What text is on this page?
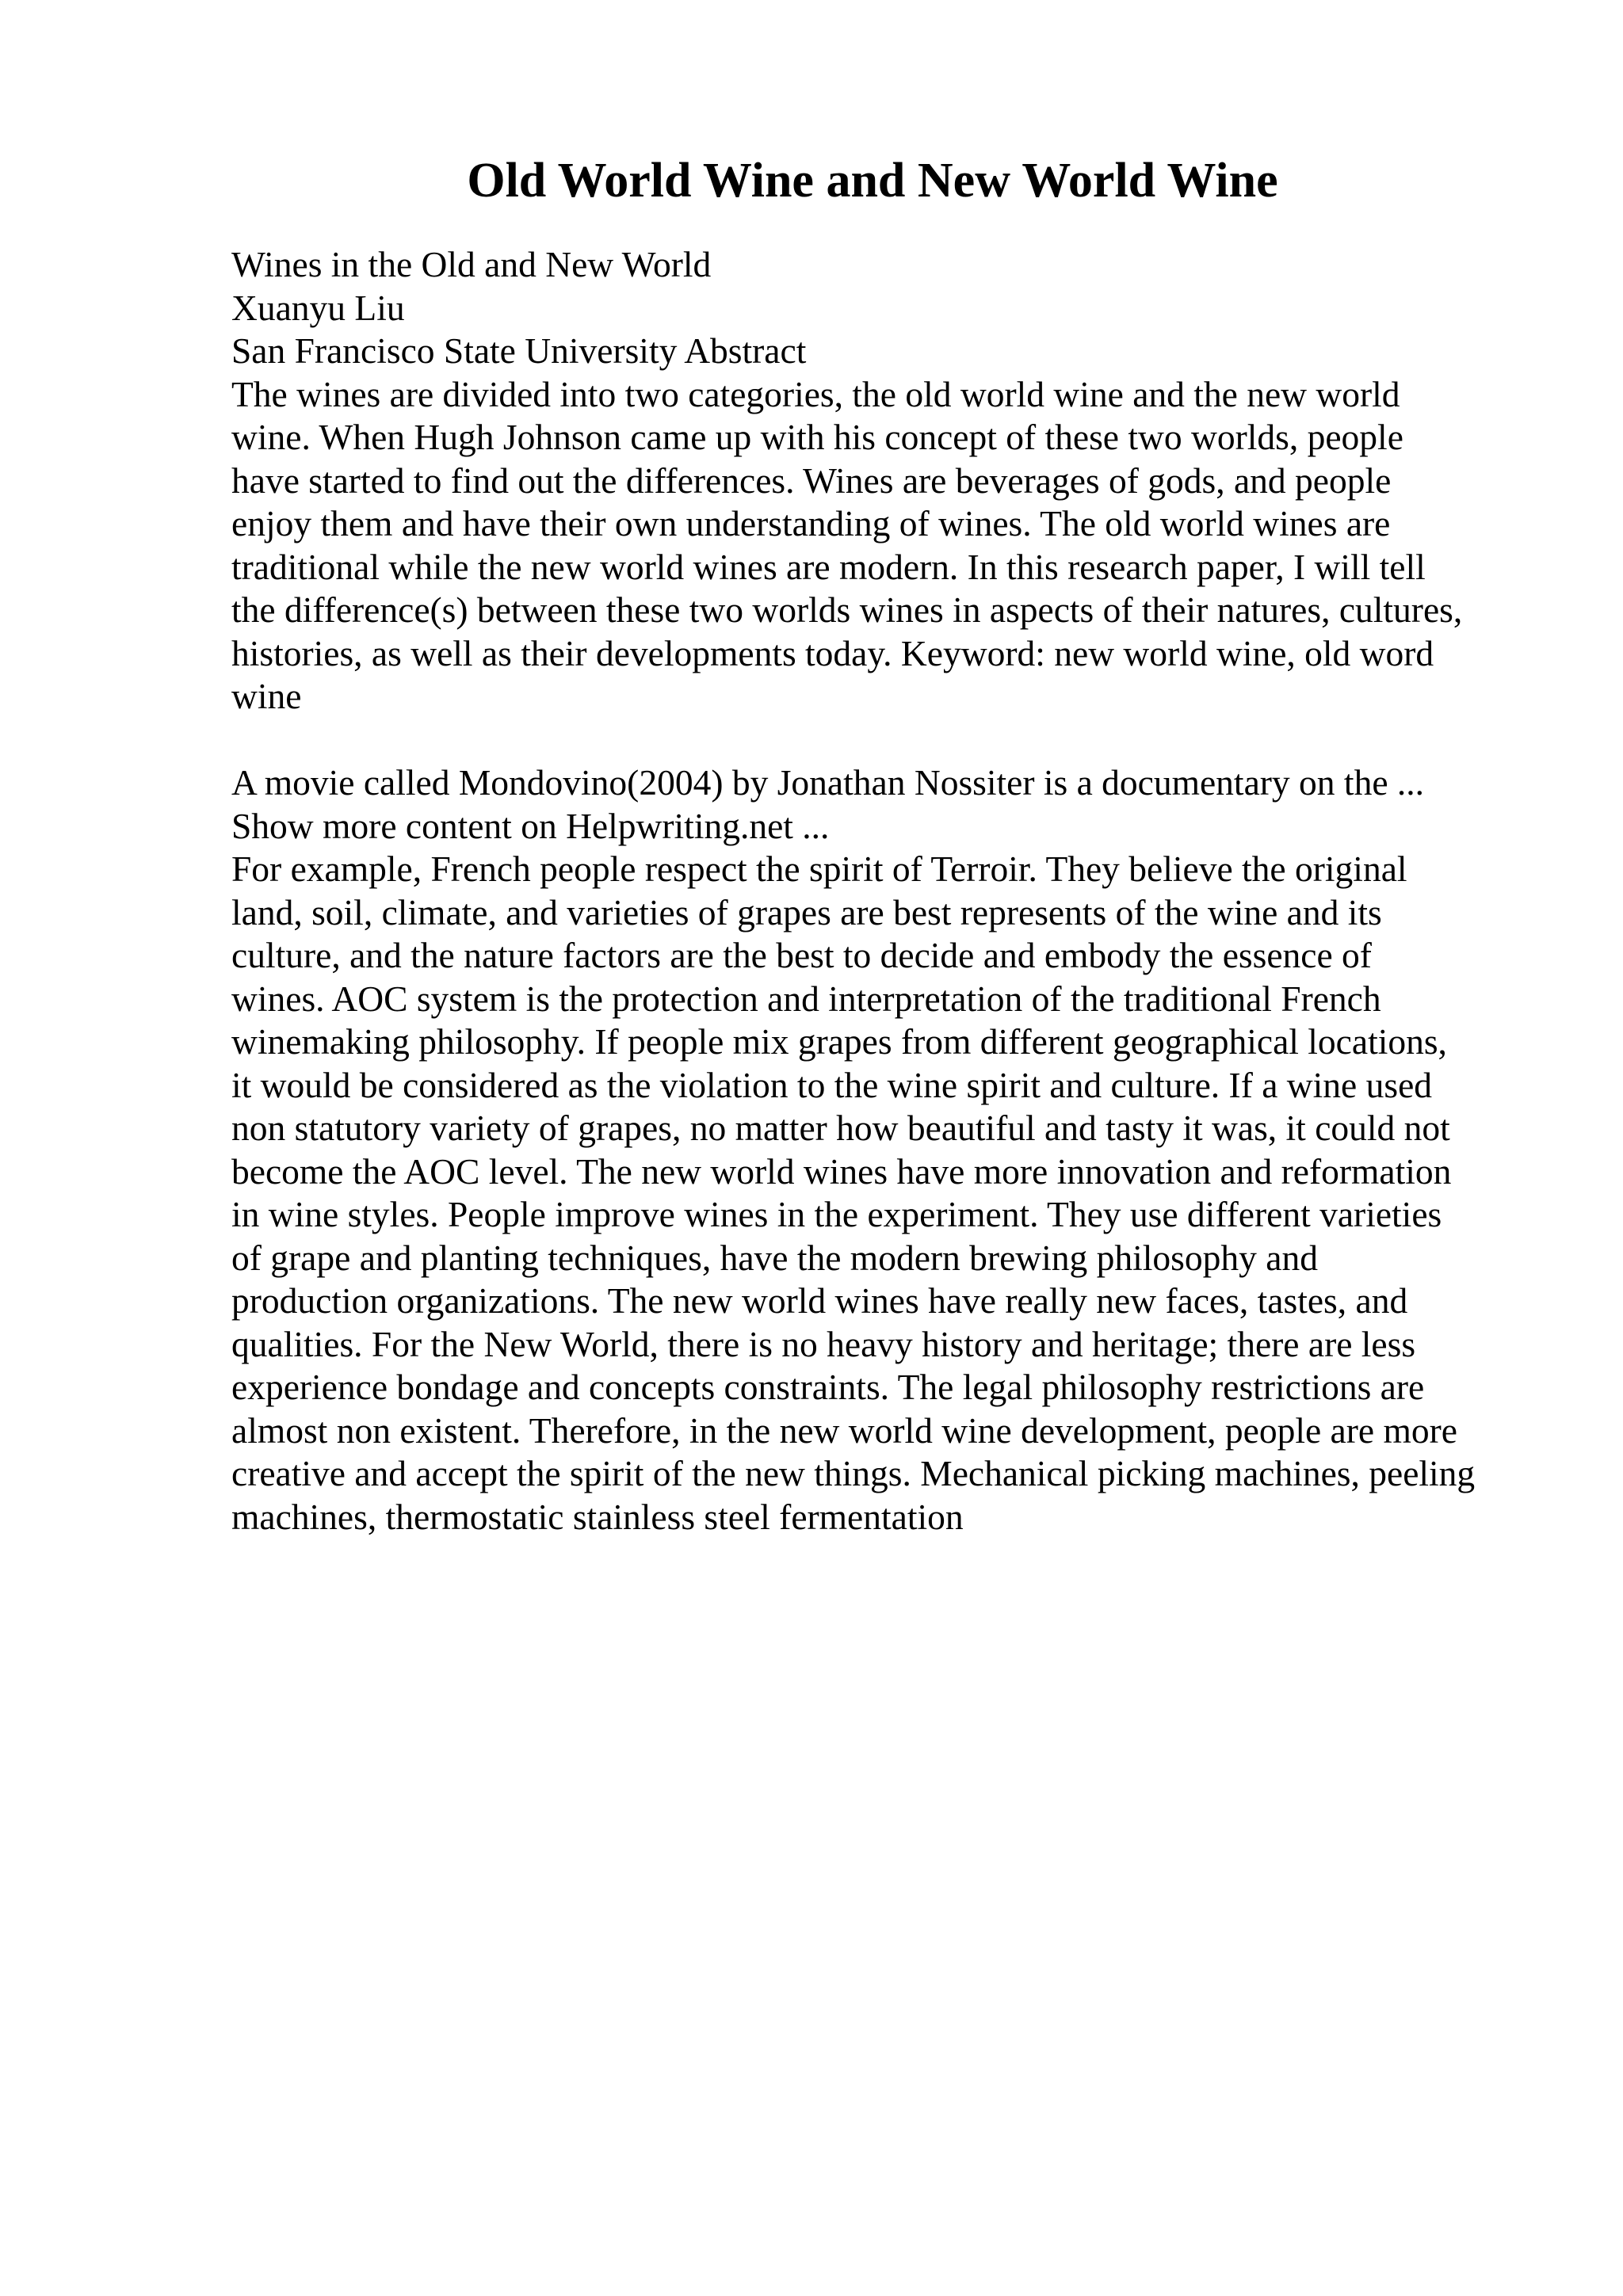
Old World Wine and New World Wine
Wines in the Old and New World
Xuanyu Liu
San Francisco State University Abstract
The wines are divided into two categories, the old world wine and the new world
wine. When Hugh Johnson came up with his concept of these two worlds, people
have started to find out the differences. Wines are beverages of gods, and people
enjoy them and have their own understanding of wines. The old world wines are
traditional while the new world wines are modern. In this research paper, I will tell
the difference(s) between these two worlds wines in aspects of their natures, cultures,
histories, as well as their developments today. Keyword: new world wine, old word
wine
A movie called Mondovino(2004) by Jonathan Nossiter is a documentary on the ...
Show more content on Helpwriting.net ...
For example, French people respect the spirit of Terroir. They believe the original
land, soil, climate, and varieties of grapes are best represents of the wine and its
culture, and the nature factors are the best to decide and embody the essence of
wines. AOC system is the protection and interpretation of the traditional French
winemaking philosophy. If people mix grapes from different geographical locations,
it would be considered as the violation to the wine spirit and culture. If a wine used
non statutory variety of grapes, no matter how beautiful and tasty it was, it could not
become the AOC level. The new world wines have more innovation and reformation
in wine styles. People improve wines in the experiment. They use different varieties
of grape and planting techniques, have the modern brewing philosophy and
production organizations. The new world wines have really new faces, tastes, and
qualities. For the New World, there is no heavy history and heritage; there are less
experience bondage and concepts constraints. The legal philosophy restrictions are
almost non existent. Therefore, in the new world wine development, people are more
creative and accept the spirit of the new things. Mechanical picking machines, peeling
machines, thermostatic stainless steel fermentation
